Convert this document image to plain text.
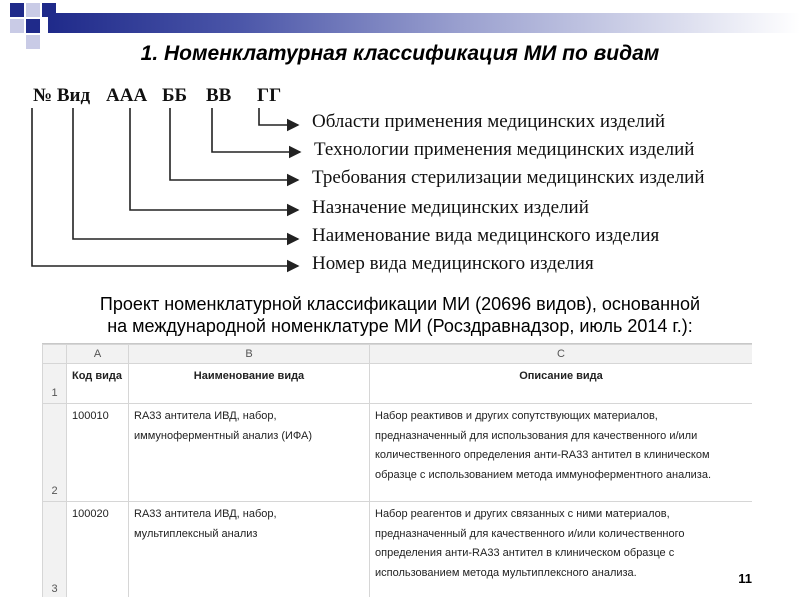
1. Номенклатурная классификация МИ по видам
№ Вид ААА ББ ВВ ГГ
Области применения медицинских изделий
Технологии применения медицинских изделий
Требования стерилизации медицинских изделий
Назначение медицинских изделий
Наименование вида медицинского изделия
Номер вида медицинского изделия
Проект номенклатурной классификации МИ (20696 видов), основанной
на международной номенклатуре МИ (Росздравнадзор, июль 2014 г.):
	A	B	C
1	Код вида	Наименование вида	Описание вида
2	100010	RA33 антитела ИВД, набор, иммуноферментный анализ (ИФА)	Набор реактивов и других сопутствующих материалов, предназначенный для использования для качественного и/или количественного определения анти-RA33 антител в клиническом образце с использованием метода иммуноферментного анализа.
3	100020	RA33 антитела ИВД, набор, мультиплексный анализ	Набор реагентов и других связанных с ними материалов, предназначенный для качественного и/или количественного определения анти-RA33 антител в клиническом образце с использованием метода мультиплексного анализа.	11
